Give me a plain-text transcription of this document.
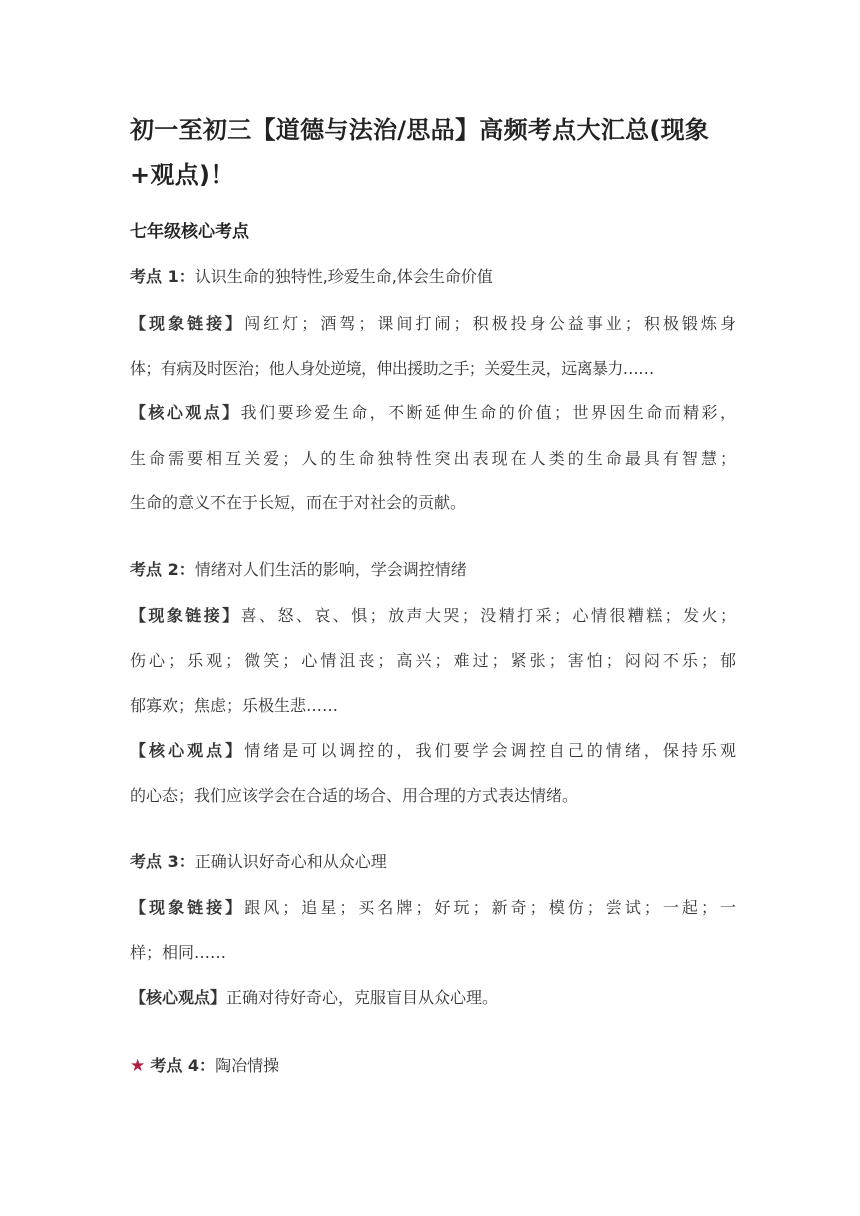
初一至初三【道德与法治/思品】高频考点大汇总(现象
+观点)！
七年级核心考点
考点 1：认识生命的独特性,珍爱生命,体会生命价值
【现象链接】闯红灯；酒驾；课间打闹；积极投身公益事业；积极锻炼身
体；有病及时医治；他人身处逆境，伸出援助之手；关爱生灵，远离暴力……
【核心观点】我们要珍爱生命，不断延伸生命的价值；世界因生命而精彩，
生命需要相互关爱；人的生命独特性突出表现在人类的生命最具有智慧；
生命的意义不在于长短，而在于对社会的贡献。
考点 2：情绪对人们生活的影响，学会调控情绪
【现象链接】喜、怒、哀、惧；放声大哭；没精打采；心情很糟糕；发火；
伤心；乐观；微笑；心情沮丧；高兴；难过；紧张；害怕；闷闷不乐；郁
郁寡欢；焦虑；乐极生悲……
【核心观点】情绪是可以调控的，我们要学会调控自己的情绪，保持乐观
的心态；我们应该学会在合适的场合、用合理的方式表达情绪。
考点 3：正确认识好奇心和从众心理
【现象链接】跟风；追星；买名牌；好玩；新奇；模仿；尝试；一起；一
样；相同……
【核心观点】正确对待好奇心，克服盲目从众心理。
★ 考点 4：陶冶情操
